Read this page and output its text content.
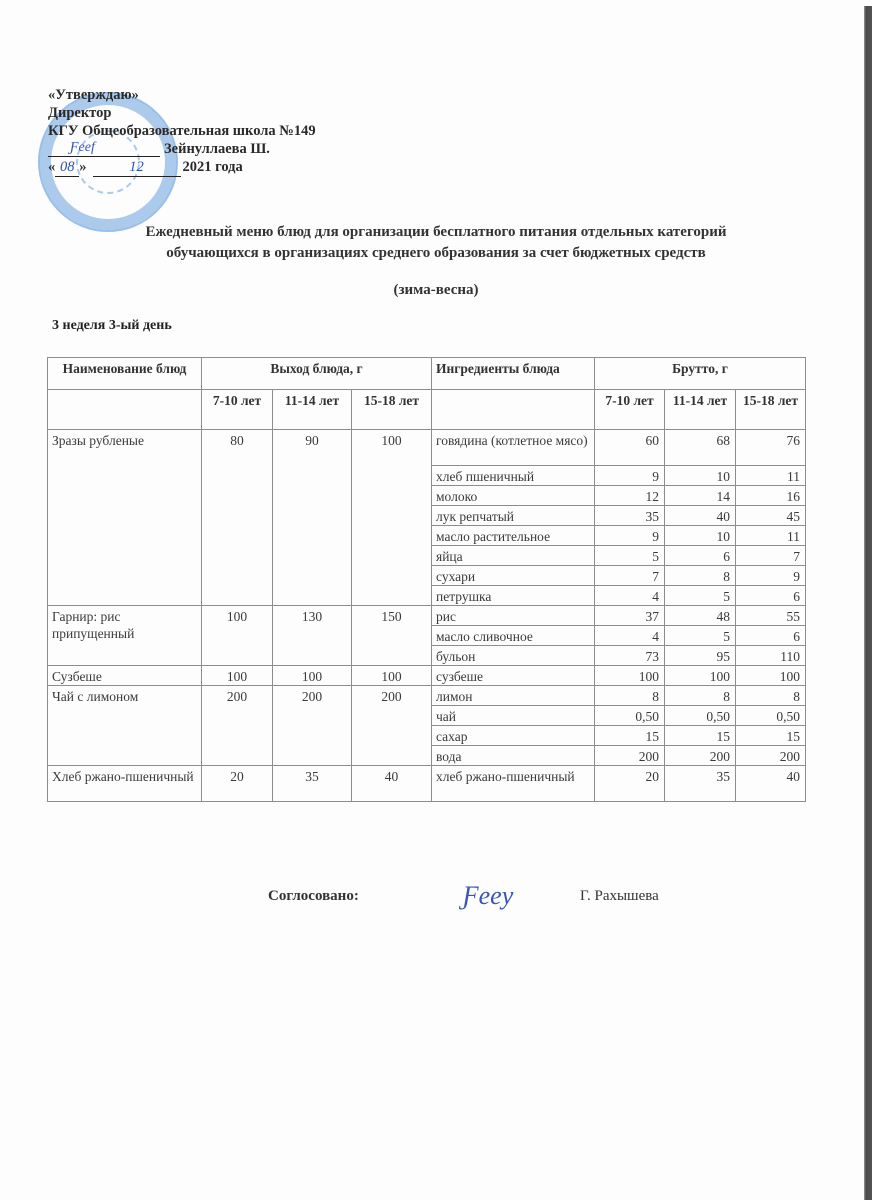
«Утверждаю»
Директор
КГУ Общеобразовательная школа №149
Ƒeef	Зейнуллаева Ш.
« 08 »	12	2021 года
Ежедневный меню блюд для организации бесплатного питания отдельных категорий
обучающихся в организациях среднего образования за счет бюджетных средств
(зима-весна)
3 неделя 3-ый день
Наименование блюд	Выход блюда, г			Ингредиенты блюда	Брутто, г		
	7-10 лет	11-14 лет	15-18 лет		7-10 лет	11-14 лет	15-18 лет
Зразы рубленые	80	90	100	говядина (котлетное мясо)	60	68	76
				хлеб пшеничный	9	10	11
				молоко	12	14	16
				лук репчатый	35	40	45
				масло растительное	9	10	11
				яйца	5	6	7
				сухари	7	8	9
				петрушка	4	5	6
Гарнир: рис припущенный	100	130	150	рис	37	48	55
				масло сливочное	4	5	6
				бульон	73	95	110
Сузбеше	100	100	100	сузбеше	100	100	100
Чай с лимоном	200	200	200	лимон	8	8	8
				чай	0,50	0,50	0,50
				сахар	15	15	15
				вода	200	200	200
Хлеб ржано-пшеничный	20	35	40	хлеб ржано-пшеничный	20	35	40
Соглосовано:	Ƒeey	Г. Рахышева
